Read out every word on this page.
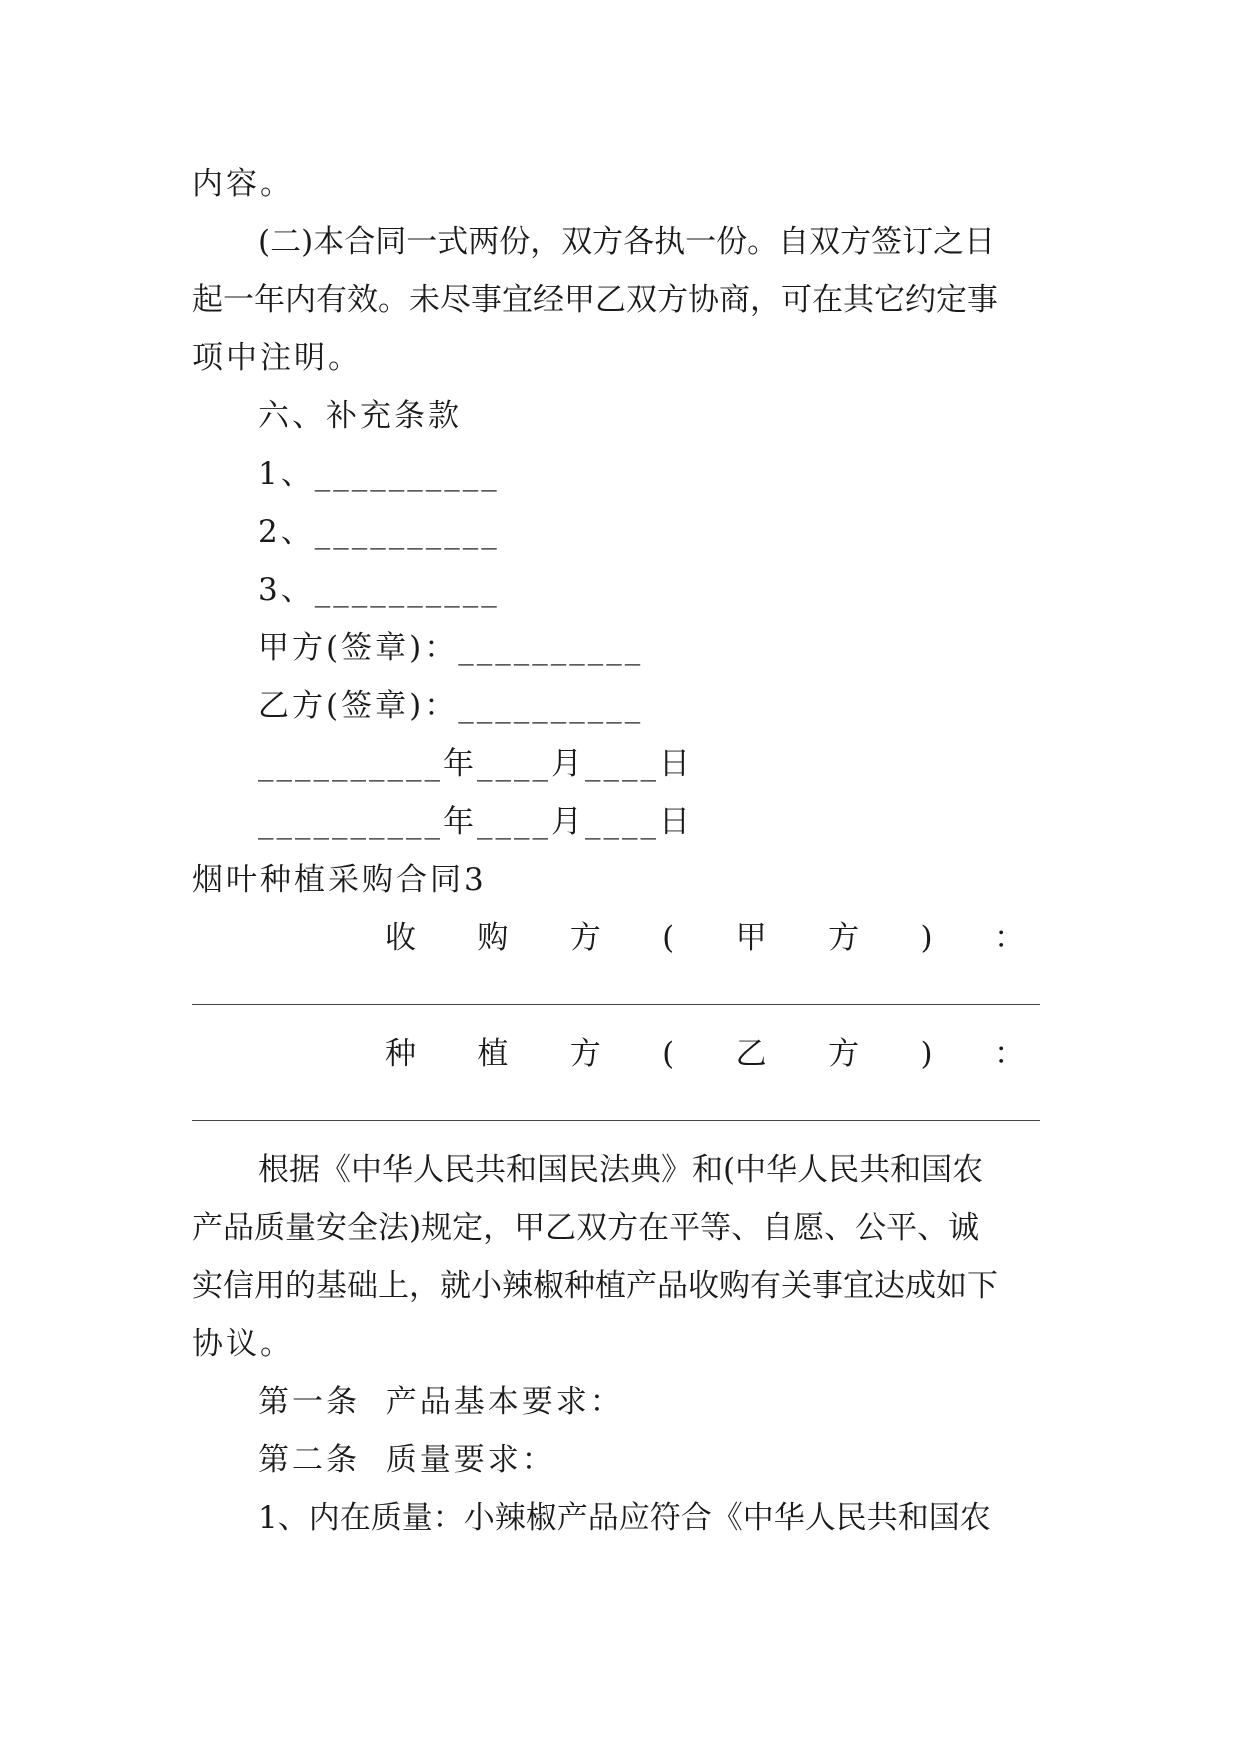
内容。
(二)本合同一式两份，双方各执一份。自双方签订之日
起一年内有效。未尽事宜经甲乙双方协商，可在其它约定事
项中注明。
六、补充条款
1、__________
2、__________
3、__________
甲方(签章)：__________
乙方(签章)：__________
__________年____月____日
__________年____月____日
烟叶种植采购合同3
收 购 方 ( 甲 方 ) ：
种 植 方 ( 乙 方 ) ：
根据《中华人民共和国民法典》和(中华人民共和国农
产品质量安全法)规定，甲乙双方在平等、自愿、公平、诚
实信用的基础上，就小辣椒种植产品收购有关事宜达成如下
协议。
第一条  产品基本要求：
第二条  质量要求：
1、内在质量：小辣椒产品应符合《中华人民共和国农
